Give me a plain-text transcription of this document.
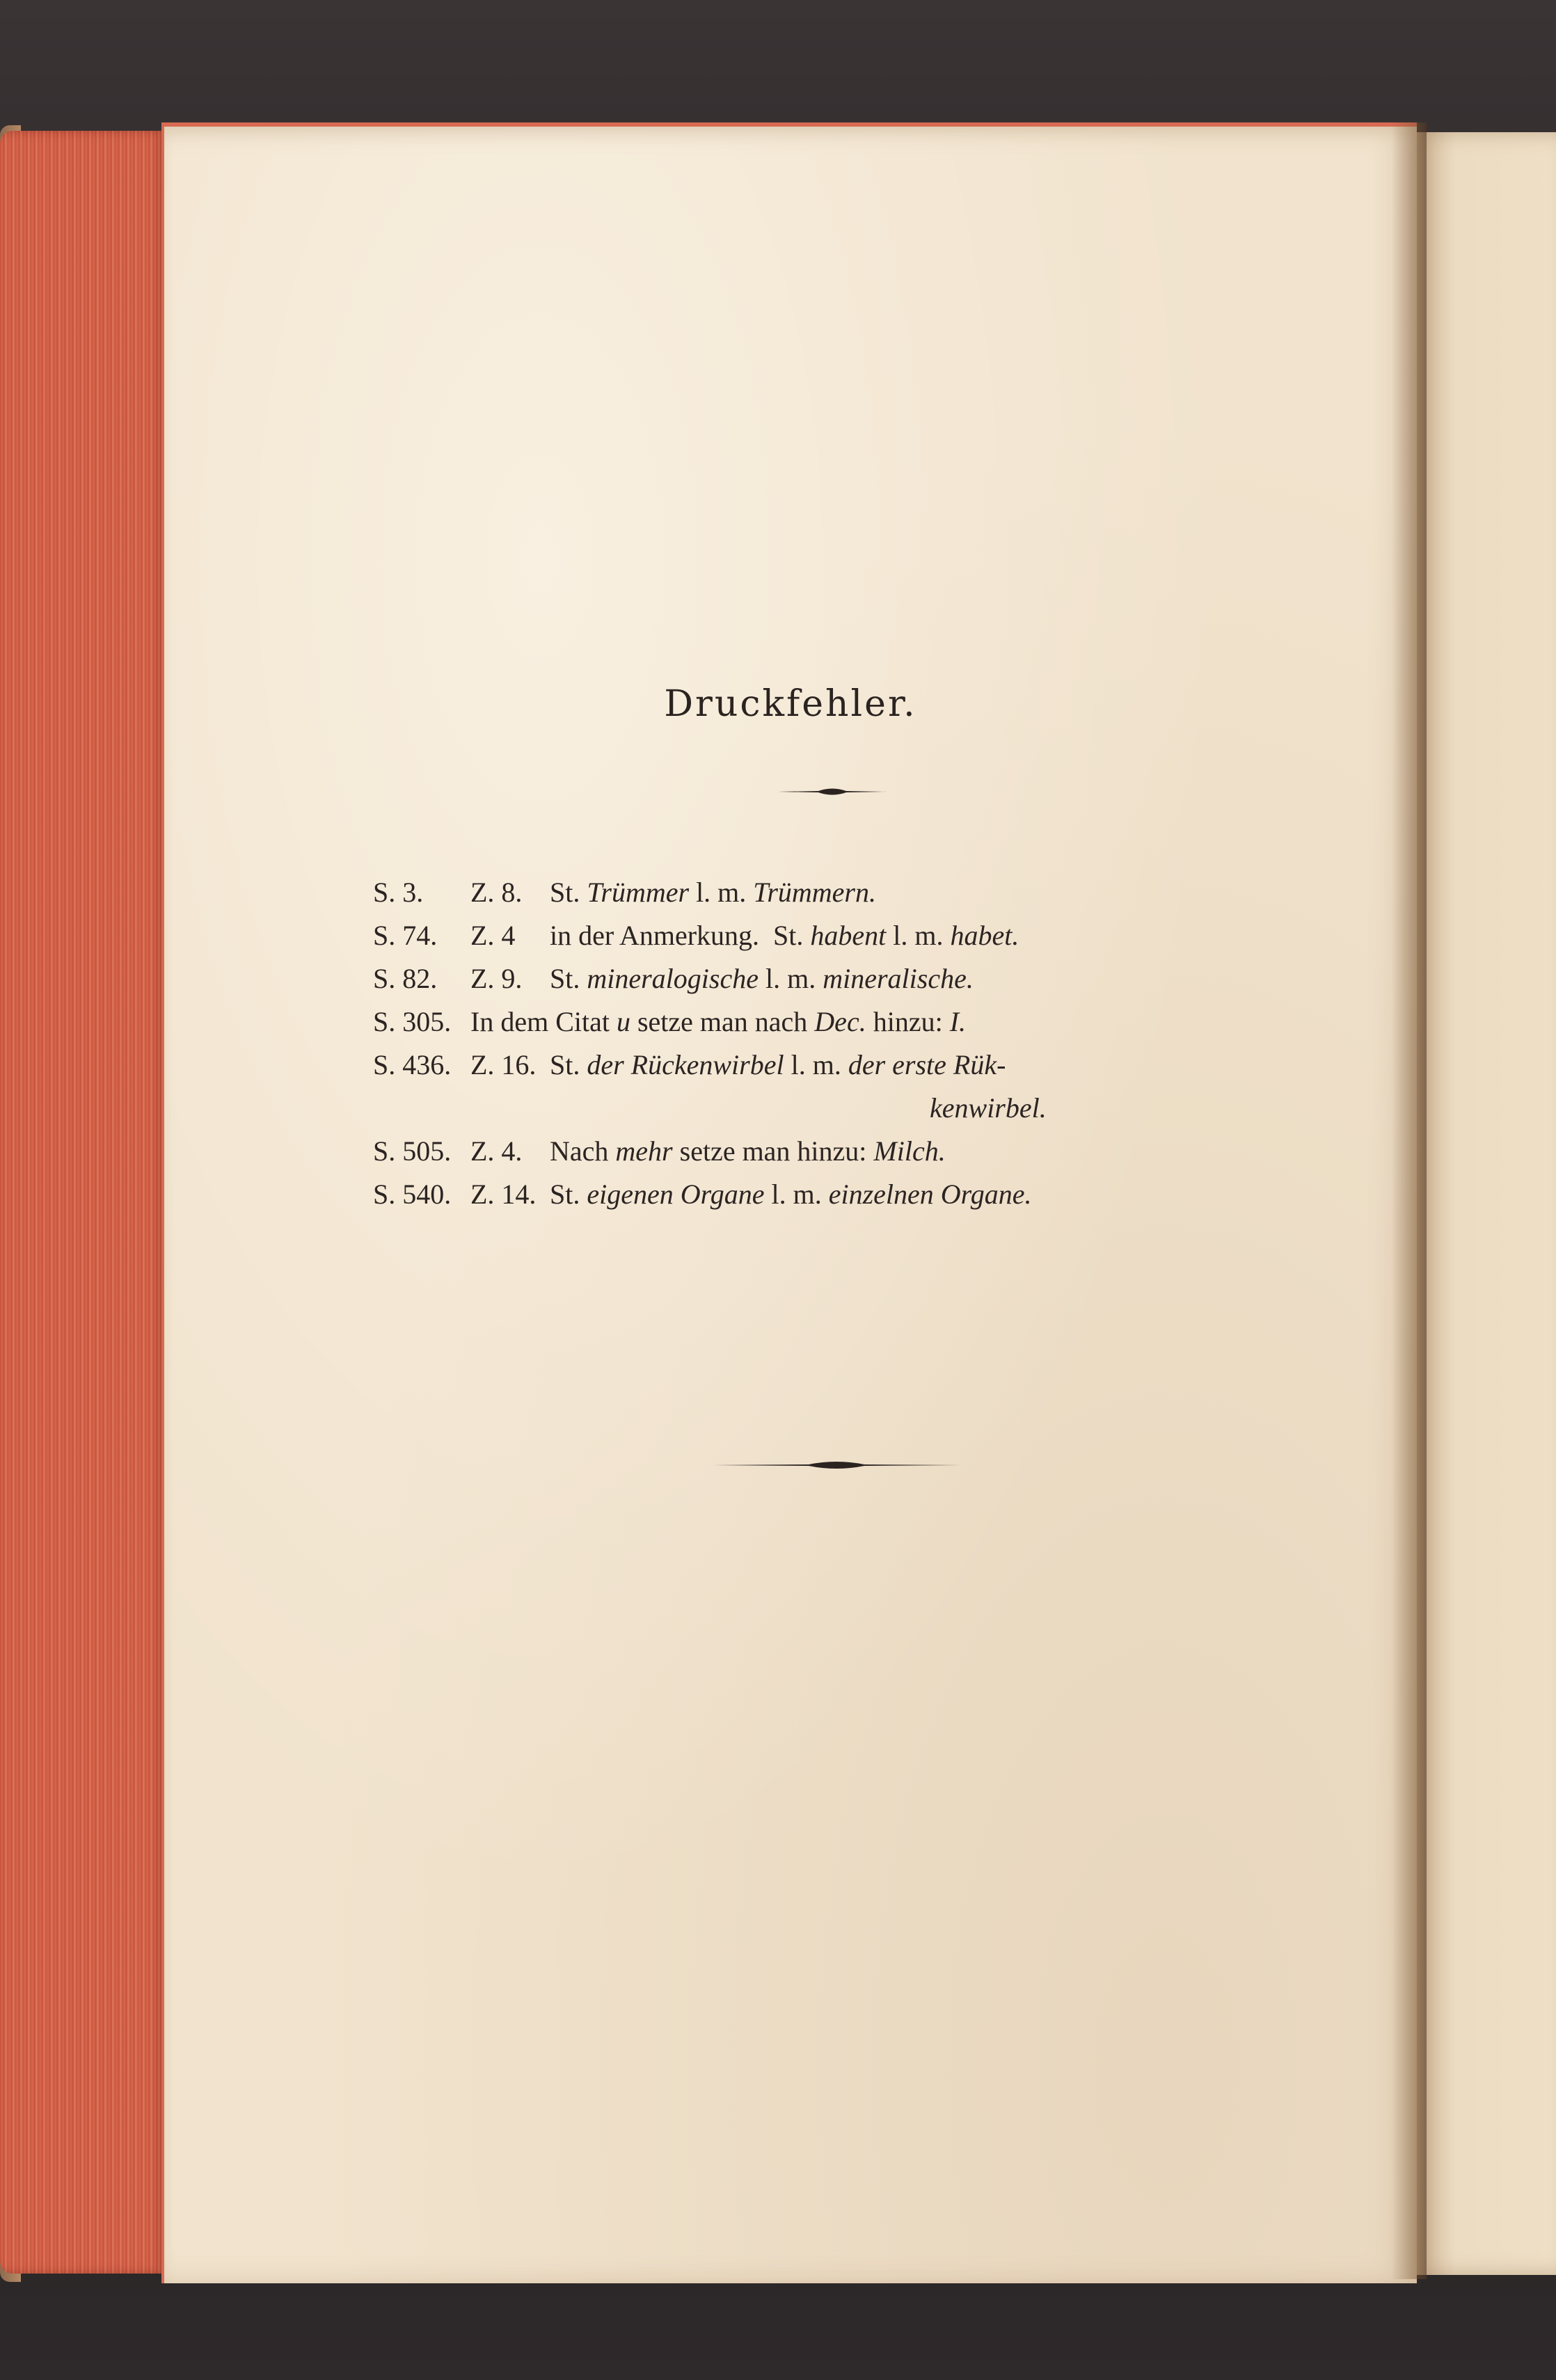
Druckfehler.
S. 3.	Z. 8. St. Trümmer l. m. Trümmern.
S. 74.	Z. 4	in der Anmerkung.  St. habent l. m. habet.
S. 82.	Z. 9. St. mineralogische l. m. mineralische.
S. 305. In dem Citat u setze man nach Dec. hinzu: I.
S. 436. Z. 16. St. der Rückenwirbel l. m. der erste Rük-
kenwirbel.
S. 505. Z. 4. Nach mehr setze man hinzu: Milch.
S. 540. Z. 14. St. eigenen Organe l. m. einzelnen Organe.
